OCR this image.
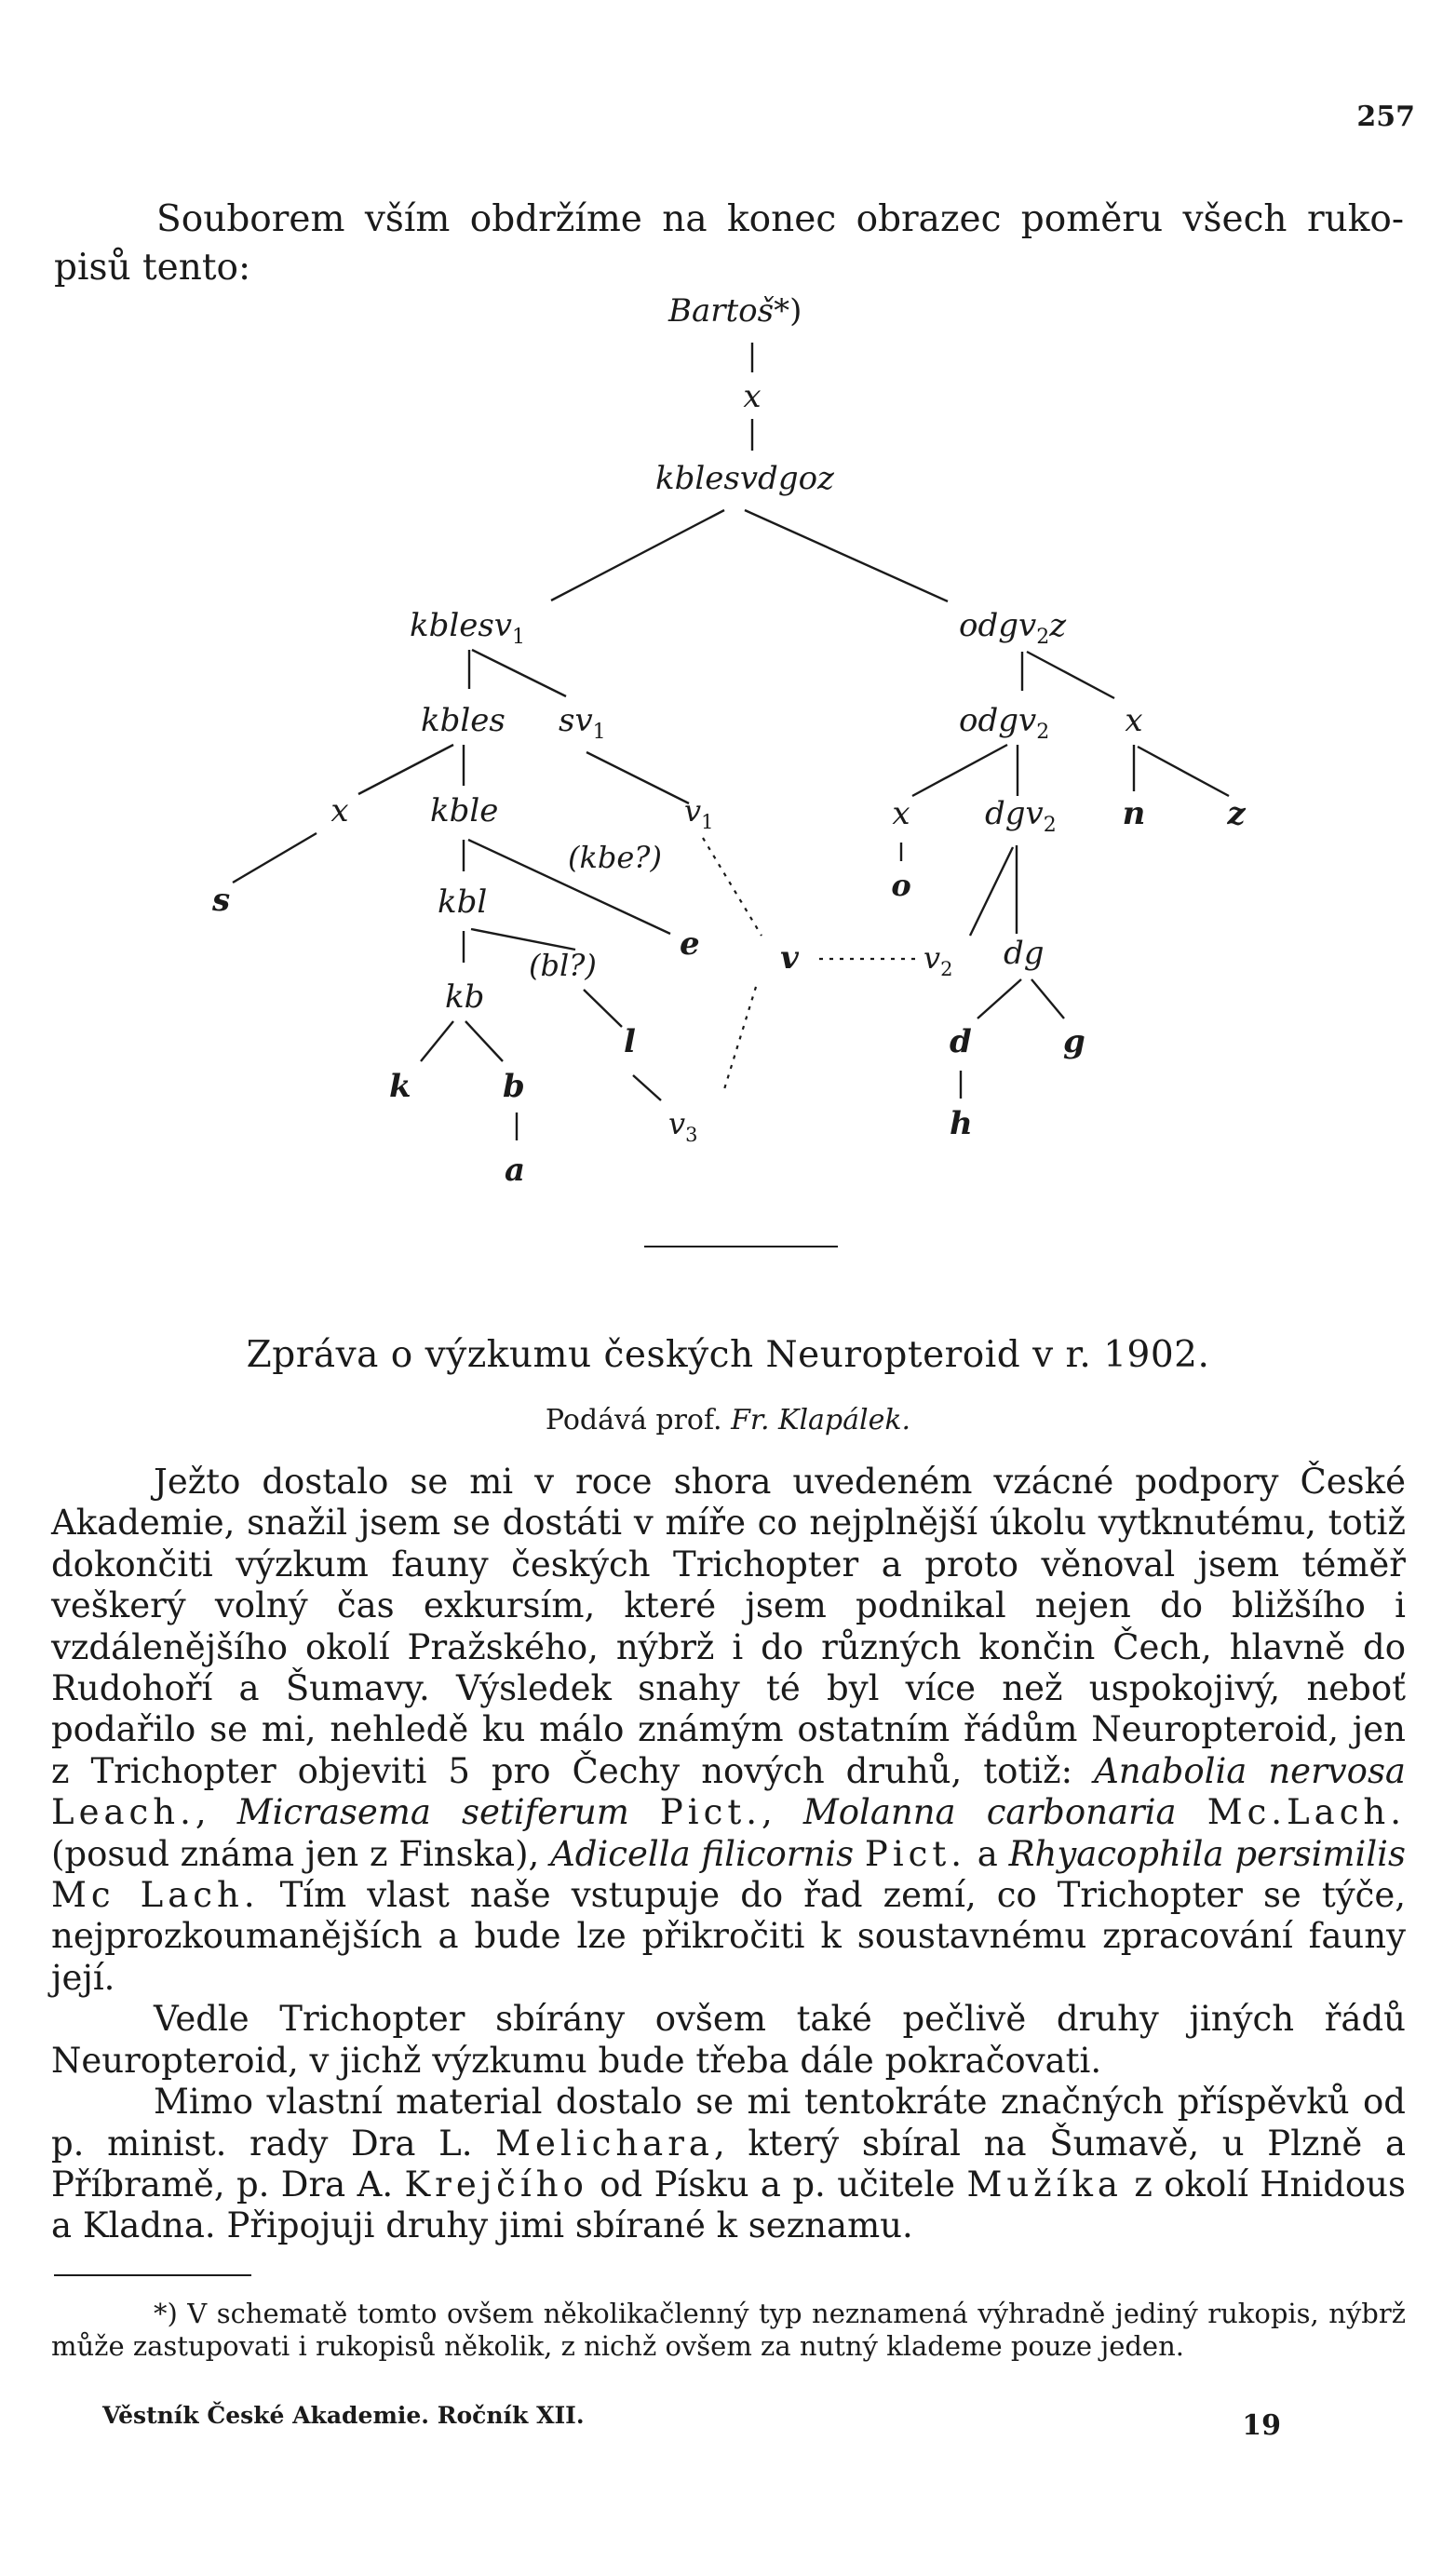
257
Souborem vším obdržíme na konec obrazec poměru všech ruko-
pisů tento:
Bartoš*)
x
kblesvdgoz
kblesv$_1$	odgv$_2$z
kbles $sv_1$	odgv$_2$ x
x	kble	$v_1$	x dgv$_2$ n	z
s
(kbe?)
kbl	o
e	v	$v_2$ dg
(bl?)
kb
l	d	g
k	b
$v_3$	h
a
Zpráva o výzkumu českých Neuropteroid v r. 1902.
Podává prof. Fr. Klapálek.

Ježto dostalo se mi v roce shora uvedeném vzácné podpory České Akademie, snažil jsem se dostáti v míře co nejplnější úkolu vytknutému, totiž dokončiti výzkum fauny českých Trichopter a proto věnoval jsem téměř veškerý volný čas exkursím, které jsem podnikal nejen do bližšího i vzdálenějšího okolí Pražského, nýbrž i do různých končin Čech, hlavně do Rudohoří a Šumavy. Výsledek snahy té byl více než uspokojivý, neboť podařilo se mi, nehledě ku málo známým ostatním řádům Neuropteroid, jen z Trichopter objeviti 5 pro Čechy nových druhů, totiž: Anabolia nervosa Leach., Micrasema setiferum Pict., Molanna carbonaria Mc.Lach. (posud známa jen z Finska), Adicella filicornis Pict. a Rhyacophila persimilis Mc Lach. Tím vlast naše vstupuje do řad zemí, co Trichopter se týče, nejprozkoumanějších a bude lze přikročiti k soustavnému zpracování fauny její.

Vedle Trichopter sbírány ovšem také pečlivě druhy jiných řádů Neuropteroid, v jichž výzkumu bude třeba dále pokračovati.

Mimo vlastní material dostalo se mi tentokráte značných příspěvků od p. minist. rady Dra L. Melichara, který sbíral na Šumavě, u Plzně a Příbramě, p. Dra A. Krejčího od Písku a p. učitele Mužíka z okolí Hnidous a Kladna. Připojuji druhy jimi sbírané k seznamu.

*) V schematě tomto ovšem několikačlenný typ neznamená výhradně jediný rukopis, nýbrž může zastupovati i rukopisů několik, z nichž ovšem za nutný klademe pouze jeden.
Věstník České Akademie. Ročník XII.	19
